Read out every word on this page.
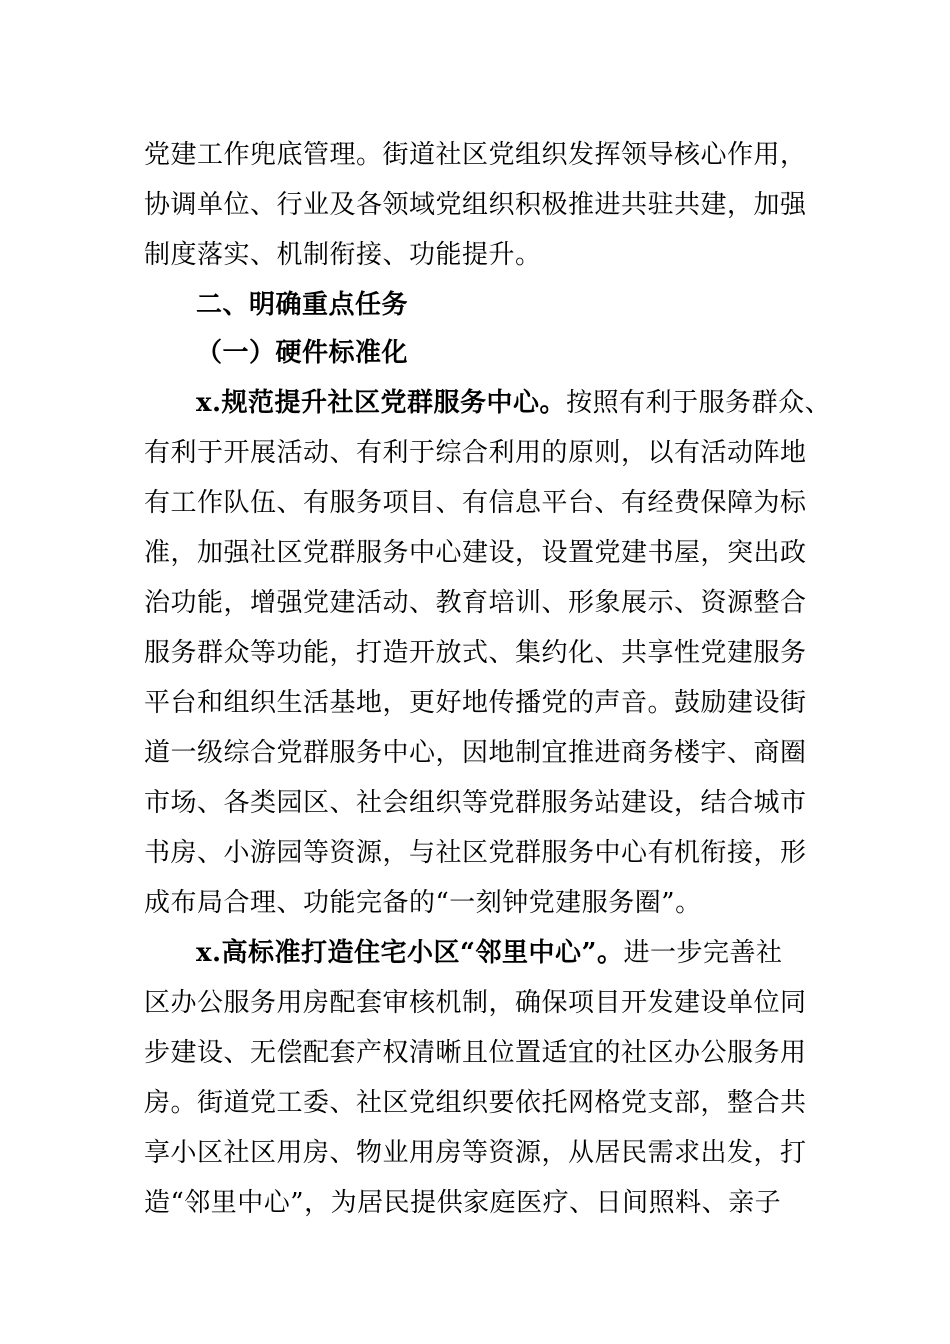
党建工作兜底管理。街道社区党组织发挥领导核心作用，
协调单位、行业及各领域党组织积极推进共驻共建，加强
制度落实、机制衔接、功能提升。
二、明确重点任务
（一）硬件标准化
x.规范提升社区党群服务中心。按照有利于服务群众、
有利于开展活动、有利于综合利用的原则，以有活动阵地
有工作队伍、有服务项目、有信息平台、有经费保障为标
准，加强社区党群服务中心建设，设置党建书屋，突出政
治功能，增强党建活动、教育培训、形象展示、资源整合
服务群众等功能，打造开放式、集约化、共享性党建服务
平台和组织生活基地，更好地传播党的声音。鼓励建设街
道一级综合党群服务中心，因地制宜推进商务楼宇、商圈
市场、各类园区、社会组织等党群服务站建设，结合城市
书房、小游园等资源，与社区党群服务中心有机衔接，形
成布局合理、功能完备的“一刻钟党建服务圈”。
x.高标准打造住宅小区“邻里中心”。进一步完善社
区办公服务用房配套审核机制，确保项目开发建设单位同
步建设、无偿配套产权清晰且位置适宜的社区办公服务用
房。街道党工委、社区党组织要依托网格党支部，整合共
享小区社区用房、物业用房等资源，从居民需求出发，打
造“邻里中心”，为居民提供家庭医疗、日间照料、亲子
